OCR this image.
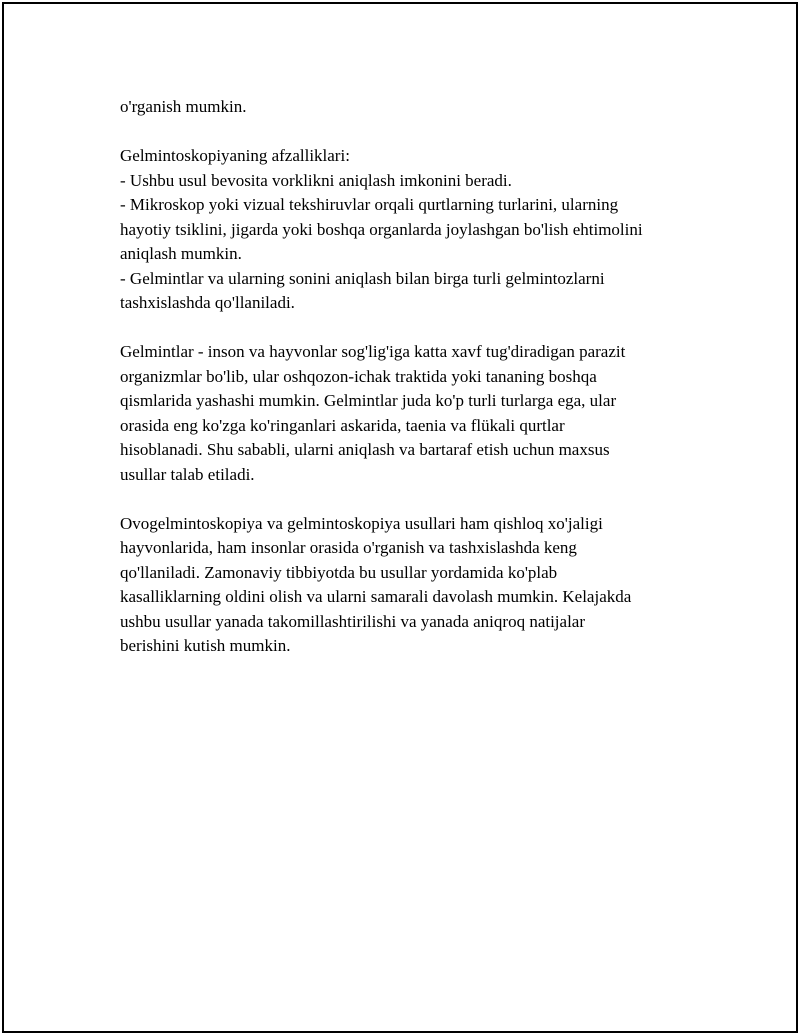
o'rganish mumkin.

Gelmintoskopiyaning afzalliklari:
- Ushbu usul bevosita vorklikni aniqlash imkonini beradi.
- Mikroskop yoki vizual tekshiruvlar orqali qurtlarning turlarini, ularning
hayotiy tsiklini, jigarda yoki boshqa organlarda joylashgan bo'lish ehtimolini
aniqlash mumkin.
- Gelmintlar va ularning sonini aniqlash bilan birga turli gelmintozlarni
tashxislashda qo'llaniladi.

Gelmintlar - inson va hayvonlar sog'lig'iga katta xavf tug'diradigan parazit
organizmlar bo'lib, ular oshqozon-ichak traktida yoki tananing boshqa
qismlarida yashashi mumkin. Gelmintlar juda ko'p turli turlarga ega, ular
orasida eng ko'zga ko'ringanlari askarida, taenia va flükali qurtlar
hisoblanadi. Shu sababli, ularni aniqlash va bartaraf etish uchun maxsus
usullar talab etiladi.

Ovogelmintoskopiya va gelmintoskopiya usullari ham qishloq xo'jaligi
hayvonlarida, ham insonlar orasida o'rganish va tashxislashda keng
qo'llaniladi. Zamonaviy tibbiyotda bu usullar yordamida ko'plab
kasalliklarning oldini olish va ularni samarali davolash mumkin. Kelajakda
ushbu usullar yanada takomillashtirilishi va yanada aniqroq natijalar
berishini kutish mumkin.
